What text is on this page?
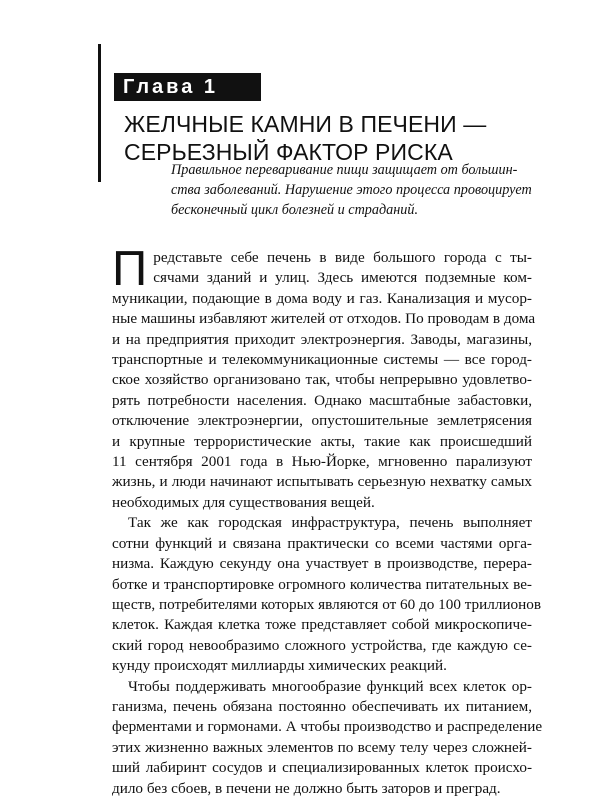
Глава 1
ЖЕЛЧНЫЕ КАМНИ В ПЕЧЕНИ —
СЕРЬЕЗНЫЙ ФАКТОР РИСКА
Правильное переваривание пищи защищает от большин-
ства заболеваний. Нарушение этого процесса провоцирует
бесконечный цикл болезней и страданий.
П редставьте себе печень в виде большого города с ты-
сячами зданий и улиц. Здесь имеются подземные ком-
муникации, подающие в дома воду и газ. Канализация и мусор-
ные машины избавляют жителей от отходов. По проводам в дома
и на предприятия приходит электроэнергия. Заводы, магазины,
транспортные и телекоммуникационные системы — все город-
ское хозяйство организовано так, чтобы непрерывно удовлетво-
рять потребности населения. Однако масштабные забастовки,
отключение электроэнергии, опустошительные землетрясения
и крупные террористические акты, такие как происшедший
11 сентября 2001 года в Нью-Йорке, мгновенно парализуют
жизнь, и люди начинают испытывать серьезную нехватку самых
необходимых для существования вещей.
Так же как городская инфраструктура, печень выполняет
сотни функций и связана практически со всеми частями орга-
низма. Каждую секунду она участвует в производстве, перера-
ботке и транспортировке огромного количества питательных ве-
ществ, потребителями которых являются от 60 до 100 триллионов
клеток. Каждая клетка тоже представляет собой микроскопиче-
ский город невообразимо сложного устройства, где каждую се-
кунду происходят миллиарды химических реакций.
Чтобы поддерживать многообразие функций всех клеток ор-
ганизма, печень обязана постоянно обеспечивать их питанием,
ферментами и гормонами. А чтобы производство и распределение
этих жизненно важных элементов по всему телу через сложней-
ший лабиринт сосудов и специализированных клеток происхо-
дило без сбоев, в печени не должно быть заторов и преград.
